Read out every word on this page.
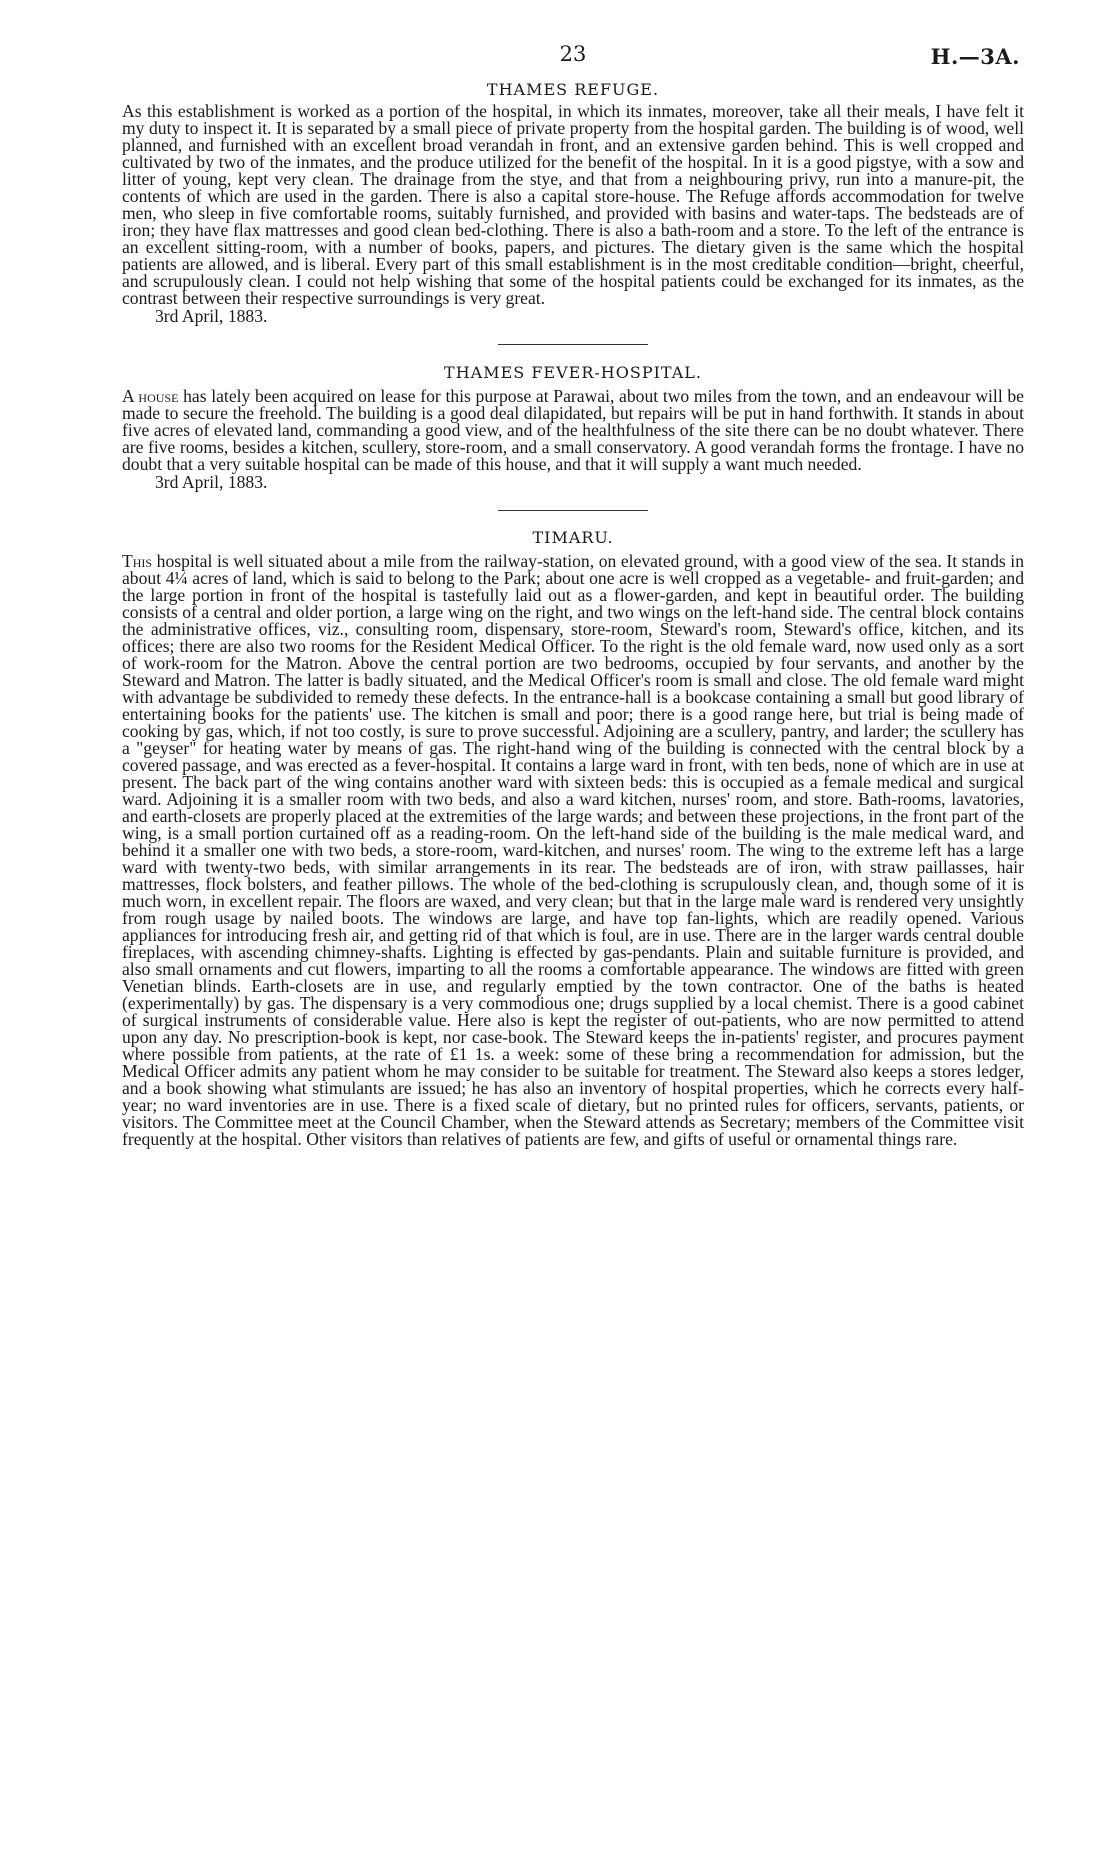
23	H.—3A.
THAMES REFUGE.

As this establishment is worked as a portion of the hospital, in which its inmates, moreover, take all their meals, I have felt it my duty to inspect it. It is separated by a small piece of private property from the hospital garden. The building is of wood, well planned, and furnished with an excellent broad verandah in front, and an extensive garden behind. This is well cropped and cultivated by two of the inmates, and the produce utilized for the benefit of the hospital. In it is a good pigstye, with a sow and litter of young, kept very clean. The drainage from the stye, and that from a neighbouring privy, run into a manure-pit, the contents of which are used in the garden. There is also a capital store-house. The Refuge affords accommodation for twelve men, who sleep in five comfortable rooms, suitably furnished, and provided with basins and water-taps. The bedsteads are of iron; they have flax mattresses and good clean bed-clothing. There is also a bath-room and a store. To the left of the entrance is an excellent sitting-room, with a number of books, papers, and pictures. The dietary given is the same which the hospital patients are allowed, and is liberal. Every part of this small establishment is in the most creditable condition—bright, cheerful, and scrupulously clean. I could not help wishing that some of the hospital patients could be exchanged for its inmates, as the contrast between their respective surroundings is very great.

3rd April, 1883.
THAMES FEVER-HOSPITAL.

A house has lately been acquired on lease for this purpose at Parawai, about two miles from the town, and an endeavour will be made to secure the freehold. The building is a good deal dilapidated, but repairs will be put in hand forthwith. It stands in about five acres of elevated land, commanding a good view, and of the healthfulness of the site there can be no doubt whatever. There are five rooms, besides a kitchen, scullery, store-room, and a small conservatory. A good verandah forms the frontage. I have no doubt that a very suitable hospital can be made of this house, and that it will supply a want much needed.

3rd April, 1883.
TIMARU.

This hospital is well situated about a mile from the railway-station, on elevated ground, with a good view of the sea. It stands in about 4¼ acres of land, which is said to belong to the Park; about one acre is well cropped as a vegetable- and fruit-garden; and the large portion in front of the hospital is tastefully laid out as a flower-garden, and kept in beautiful order. The building consists of a central and older portion, a large wing on the right, and two wings on the left-hand side. The central block contains the administrative offices, viz., consulting room, dispensary, store-room, Steward's room, Steward's office, kitchen, and its offices; there are also two rooms for the Resident Medical Officer. To the right is the old female ward, now used only as a sort of work-room for the Matron. Above the central portion are two bedrooms, occupied by four servants, and another by the Steward and Matron. The latter is badly situated, and the Medical Officer's room is small and close. The old female ward might with advantage be subdivided to remedy these defects. In the entrance-hall is a bookcase containing a small but good library of entertaining books for the patients' use. The kitchen is small and poor; there is a good range here, but trial is being made of cooking by gas, which, if not too costly, is sure to prove successful. Adjoining are a scullery, pantry, and larder; the scullery has a "geyser" for heating water by means of gas. The right-hand wing of the building is connected with the central block by a covered passage, and was erected as a fever-hospital. It contains a large ward in front, with ten beds, none of which are in use at present. The back part of the wing contains another ward with sixteen beds: this is occupied as a female medical and surgical ward. Adjoining it is a smaller room with two beds, and also a ward kitchen, nurses' room, and store. Bath-rooms, lavatories, and earth-closets are properly placed at the extremities of the large wards; and between these projections, in the front part of the wing, is a small portion curtained off as a reading-room. On the left-hand side of the building is the male medical ward, and behind it a smaller one with two beds, a store-room, ward-kitchen, and nurses' room. The wing to the extreme left has a large ward with twenty-two beds, with similar arrangements in its rear. The bedsteads are of iron, with straw paillasses, hair mattresses, flock bolsters, and feather pillows. The whole of the bed-clothing is scrupulously clean, and, though some of it is much worn, in excellent repair. The floors are waxed, and very clean; but that in the large male ward is rendered very unsightly from rough usage by nailed boots. The windows are large, and have top fan-lights, which are readily opened. Various appliances for introducing fresh air, and getting rid of that which is foul, are in use. There are in the larger wards central double fireplaces, with ascending chimney-shafts. Lighting is effected by gas-pendants. Plain and suitable furniture is provided, and also small ornaments and cut flowers, imparting to all the rooms a comfortable appearance. The windows are fitted with green Venetian blinds. Earth-closets are in use, and regularly emptied by the town contractor. One of the baths is heated (experimentally) by gas. The dispensary is a very commodious one; drugs supplied by a local chemist. There is a good cabinet of surgical instruments of considerable value. Here also is kept the register of out-patients, who are now permitted to attend upon any day. No prescription-book is kept, nor case-book. The Steward keeps the in-patients' register, and procures payment where possible from patients, at the rate of £1 1s. a week: some of these bring a recommendation for admission, but the Medical Officer admits any patient whom he may consider to be suitable for treatment. The Steward also keeps a stores ledger, and a book showing what stimulants are issued; he has also an inventory of hospital properties, which he corrects every half-year; no ward inventories are in use. There is a fixed scale of dietary, but no printed rules for officers, servants, patients, or visitors. The Committee meet at the Council Chamber, when the Steward attends as Secretary; members of the Committee visit frequently at the hospital. Other visitors than relatives of patients are few, and gifts of useful or ornamental things rare.
